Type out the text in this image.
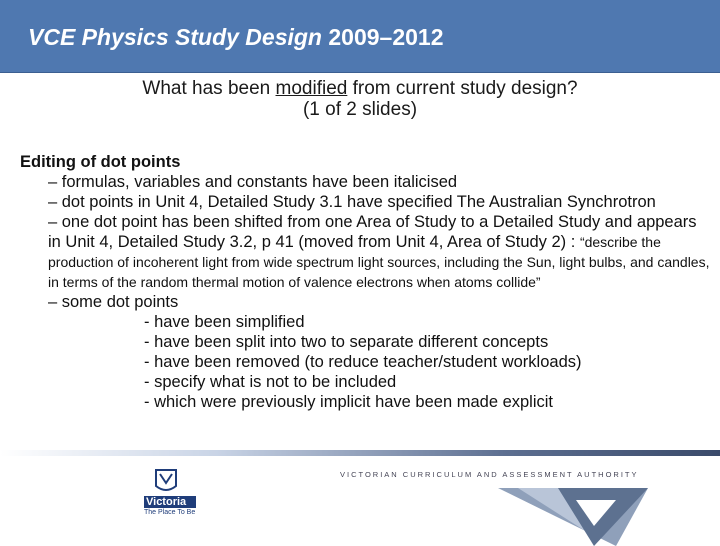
VCE Physics Study Design 2009–2012
What has been modified from current study design?
(1 of 2 slides)
Editing of dot points

– formulas, variables and constants have been italicised

– dot points in Unit 4, Detailed Study 3.1 have specified The Australian Synchrotron

– one dot point has been shifted from one Area of Study to a Detailed Study and appears in Unit 4, Detailed Study 3.2, p 41 (moved from Unit 4, Area of Study 2) : “describe the production of incoherent light from wide spectrum light sources, including the Sun, light bulbs, and candles, in terms of the random thermal motion of valence electrons when atoms collide”

– some dot points

- have been simplified

- have been split into two to separate different concepts

- have been removed (to reduce teacher/student workloads)

- specify what is not to be included

- which were previously implicit have been made explicit

Victoria
The Place To Be
VICTORIAN CURRICULUM AND ASSESSMENT AUTHORITY
